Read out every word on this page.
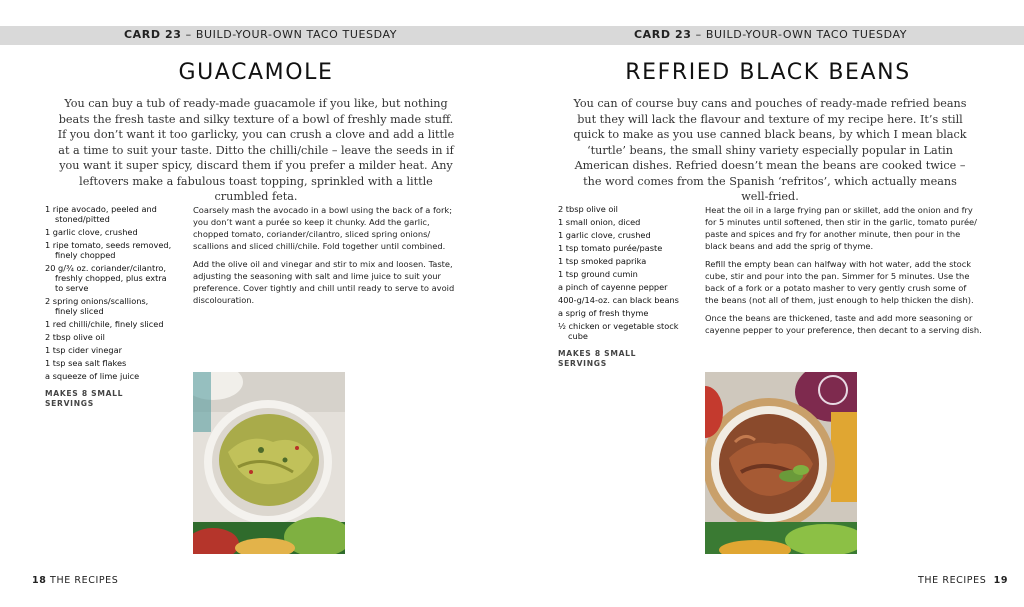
CARD 23 – BUILD-YOUR-OWN TACO TUESDAY
GUACAMOLE
You can buy a tub of ready-made guacamole if you like, but nothing beats the fresh taste and silky texture of a bowl of freshly made stuff. If you don’t want it too garlicky, you can crush a clove and add a little at a time to suit your taste. Ditto the chilli/chile – leave the seeds in if you want it super spicy, discard them if you prefer a milder heat. Any leftovers make a fabulous toast topping, sprinkled with a little crumbled feta.
1 ripe avocado, peeled and stoned/pitted
1 garlic clove, crushed
1 ripe tomato, seeds removed, finely chopped
20 g/¾ oz. coriander/cilantro, freshly chopped, plus extra to serve
2 spring onions/scallions, finely sliced
1 red chilli/chile, finely sliced
2 tbsp olive oil
1 tsp cider vinegar
1 tsp sea salt flakes
a squeeze of lime juice
MAKES 8 SMALL SERVINGS

Coarsely mash the avocado in a bowl using the back of a fork; you don’t want a purée so keep it chunky. Add the garlic, chopped tomato, coriander/cilantro, sliced spring onions/ scallions and sliced chilli/chile. Fold together until combined.

Add the olive oil and vinegar and stir to mix and loosen. Taste, adjusting the seasoning with salt and lime juice to suit your preference. Cover tightly and chill until ready to serve to avoid discolouration.

18 THE RECIPES
CARD 23 – BUILD-YOUR-OWN TACO TUESDAY
REFRIED BLACK BEANS
You can of course buy cans and pouches of ready-made refried beans but they will lack the flavour and texture of my recipe here. It’s still quick to make as you use canned black beans, by which I mean black ‘turtle’ beans, the small shiny variety especially popular in Latin American dishes. Refried doesn’t mean the beans are cooked twice – the word comes from the Spanish ‘refritos’, which actually means well-fried.
2 tbsp olive oil
1 small onion, diced
1 garlic clove, crushed
1 tsp tomato purée/paste
1 tsp smoked paprika
1 tsp ground cumin
a pinch of cayenne pepper
400-g/14-oz. can black beans
a sprig of fresh thyme
½ chicken or vegetable stock cube
MAKES 8 SMALL SERVINGS

Heat the oil in a large frying pan or skillet, add the onion and fry for 5 minutes until softened, then stir in the garlic, tomato purée/ paste and spices and fry for another minute, then pour in the black beans and add the sprig of thyme.

Refill the empty bean can halfway with hot water, add the stock cube, stir and pour into the pan. Simmer for 5 minutes. Use the back of a fork or a potato masher to very gently crush some of the beans (not all of them, just enough to help thicken the dish).

Once the beans are thickened, taste and add more seasoning or cayenne pepper to your preference, then decant to a serving dish.

THE RECIPES 19
